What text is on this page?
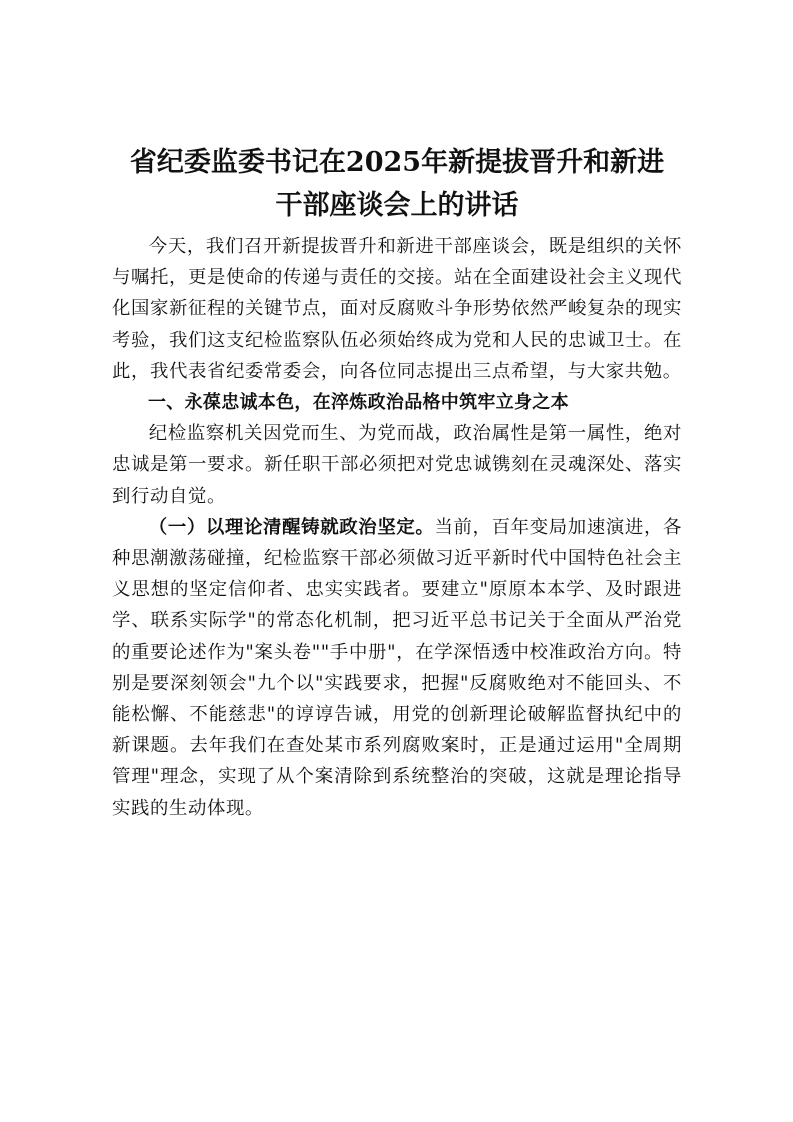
省纪委监委书记在2025年新提拔晋升和新进
干部座谈会上的讲话

今天，我们召开新提拔晋升和新进干部座谈会，既是组织的关怀与嘱托，更是使命的传递与责任的交接。站在全面建设社会主义现代化国家新征程的关键节点，面对反腐败斗争形势依然严峻复杂的现实考验，我们这支纪检监察队伍必须始终成为党和人民的忠诚卫士。在此，我代表省纪委常委会，向各位同志提出三点希望，与大家共勉。

一、永葆忠诚本色，在淬炼政治品格中筑牢立身之本

纪检监察机关因党而生、为党而战，政治属性是第一属性，绝对忠诚是第一要求。新任职干部必须把对党忠诚镌刻在灵魂深处、落实到行动自觉。

（一）以理论清醒铸就政治坚定。当前，百年变局加速演进，各种思潮激荡碰撞，纪检监察干部必须做习近平新时代中国特色社会主义思想的坚定信仰者、忠实实践者。要建立"原原本本学、及时跟进学、联系实际学"的常态化机制，把习近平总书记关于全面从严治党的重要论述作为"案头卷""手中册"，在学深悟透中校准政治方向。特别是要深刻领会"九个以"实践要求，把握"反腐败绝对不能回头、不能松懈、不能慈悲"的谆谆告诫，用党的创新理论破解监督执纪中的新课题。去年我们在查处某市系列腐败案时，正是通过运用"全周期管理"理念，实现了从个案清除到系统整治的突破，这就是理论指导实践的生动体现。
